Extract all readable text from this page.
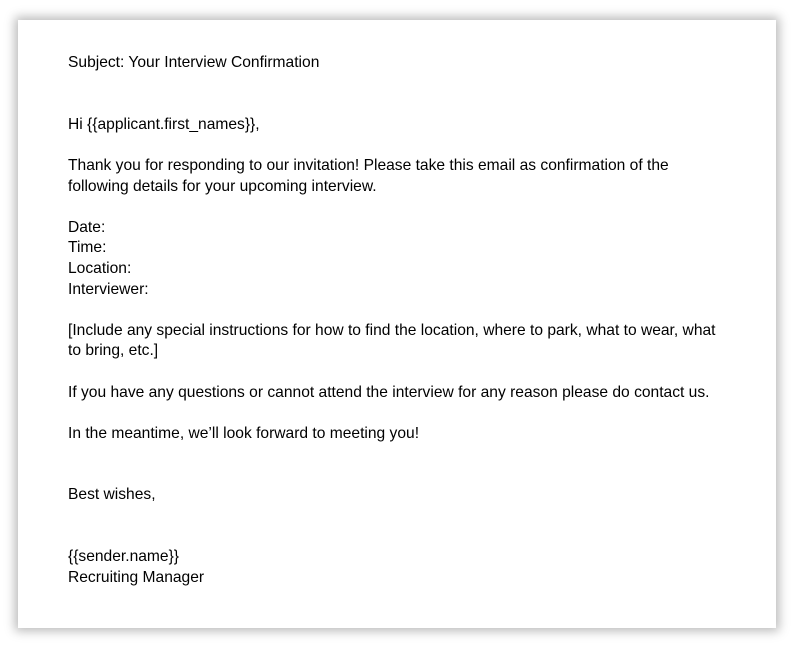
Subject: Your Interview Confirmation
Hi {{applicant.first_names}},
Thank you for responding to our invitation! Please take this email as confirmation of the
following details for your upcoming interview.
Date:
Time:
Location:
Interviewer:
[Include any special instructions for how to find the location, where to park, what to wear, what
to bring, etc.]
If you have any questions or cannot attend the interview for any reason please do contact us.
In the meantime, we’ll look forward to meeting you!
Best wishes,
{{sender.name}}
Recruiting Manager
